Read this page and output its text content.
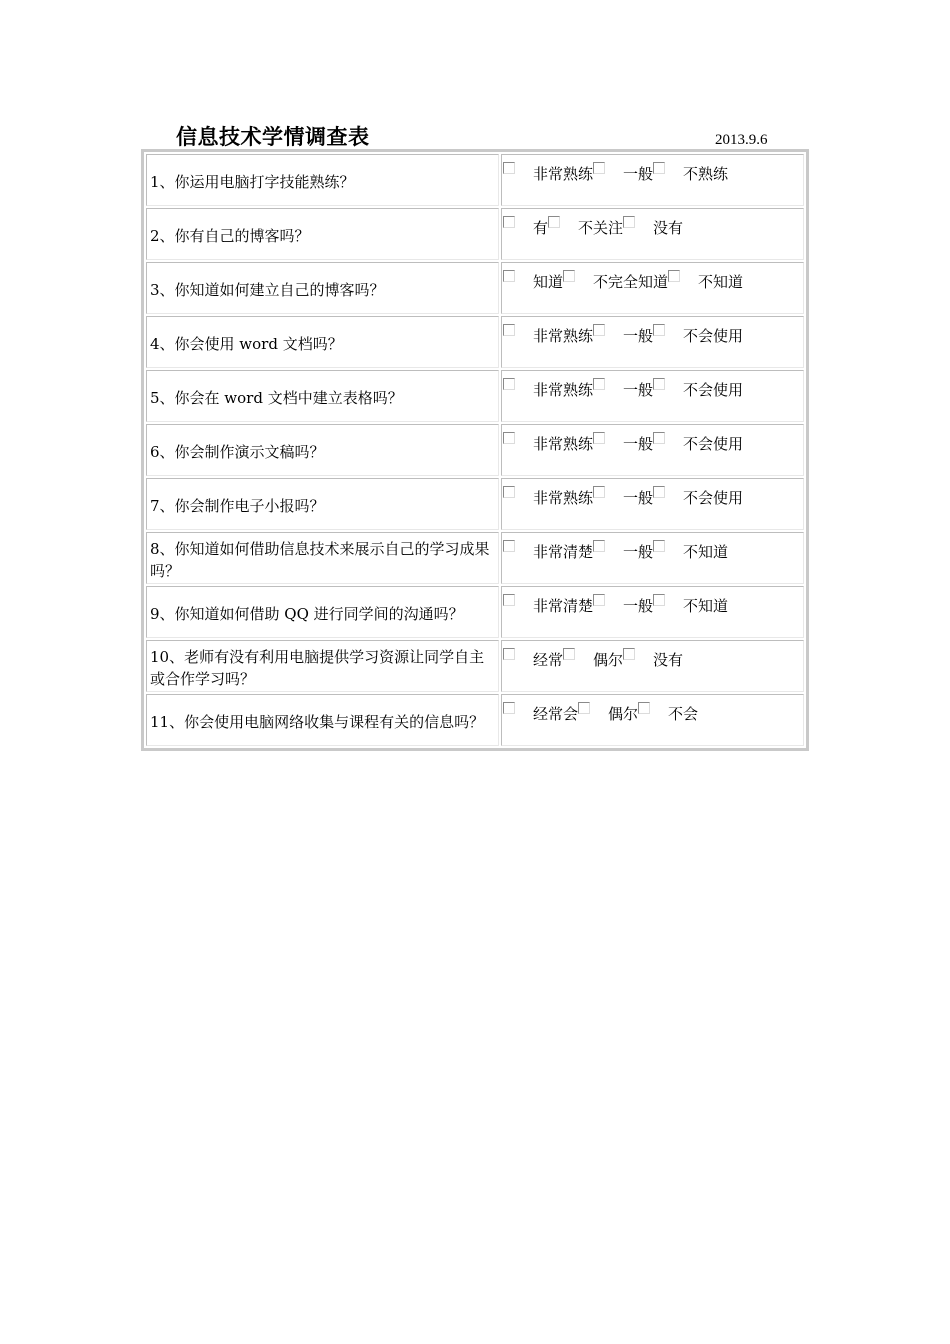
信息技术学情调查表	2013.9.6
1、你运用电脑打字技能熟练？	非常熟练 一般 不熟练
2、你有自己的博客吗？	有 不关注 没有
3、你知道如何建立自己的博客吗？	知道 不完全知道 不知道
4、你会使用 word 文档吗？	非常熟练 一般 不会使用
5、你会在 word 文档中建立表格吗？	非常熟练 一般 不会使用
6、你会制作演示文稿吗？	非常熟练 一般 不会使用
7、你会制作电子小报吗？	非常熟练 一般 不会使用
8、你知道如何借助信息技术来展示自己的学习成果吗？	非常清楚 一般 不知道
9、你知道如何借助 QQ 进行同学间的沟通吗？	非常清楚 一般 不知道
10、老师有没有利用电脑提供学习资源让同学自主或合作学习吗？	经常 偶尔 没有
11、你会使用电脑网络收集与课程有关的信息吗？	经常会 偶尔 不会
